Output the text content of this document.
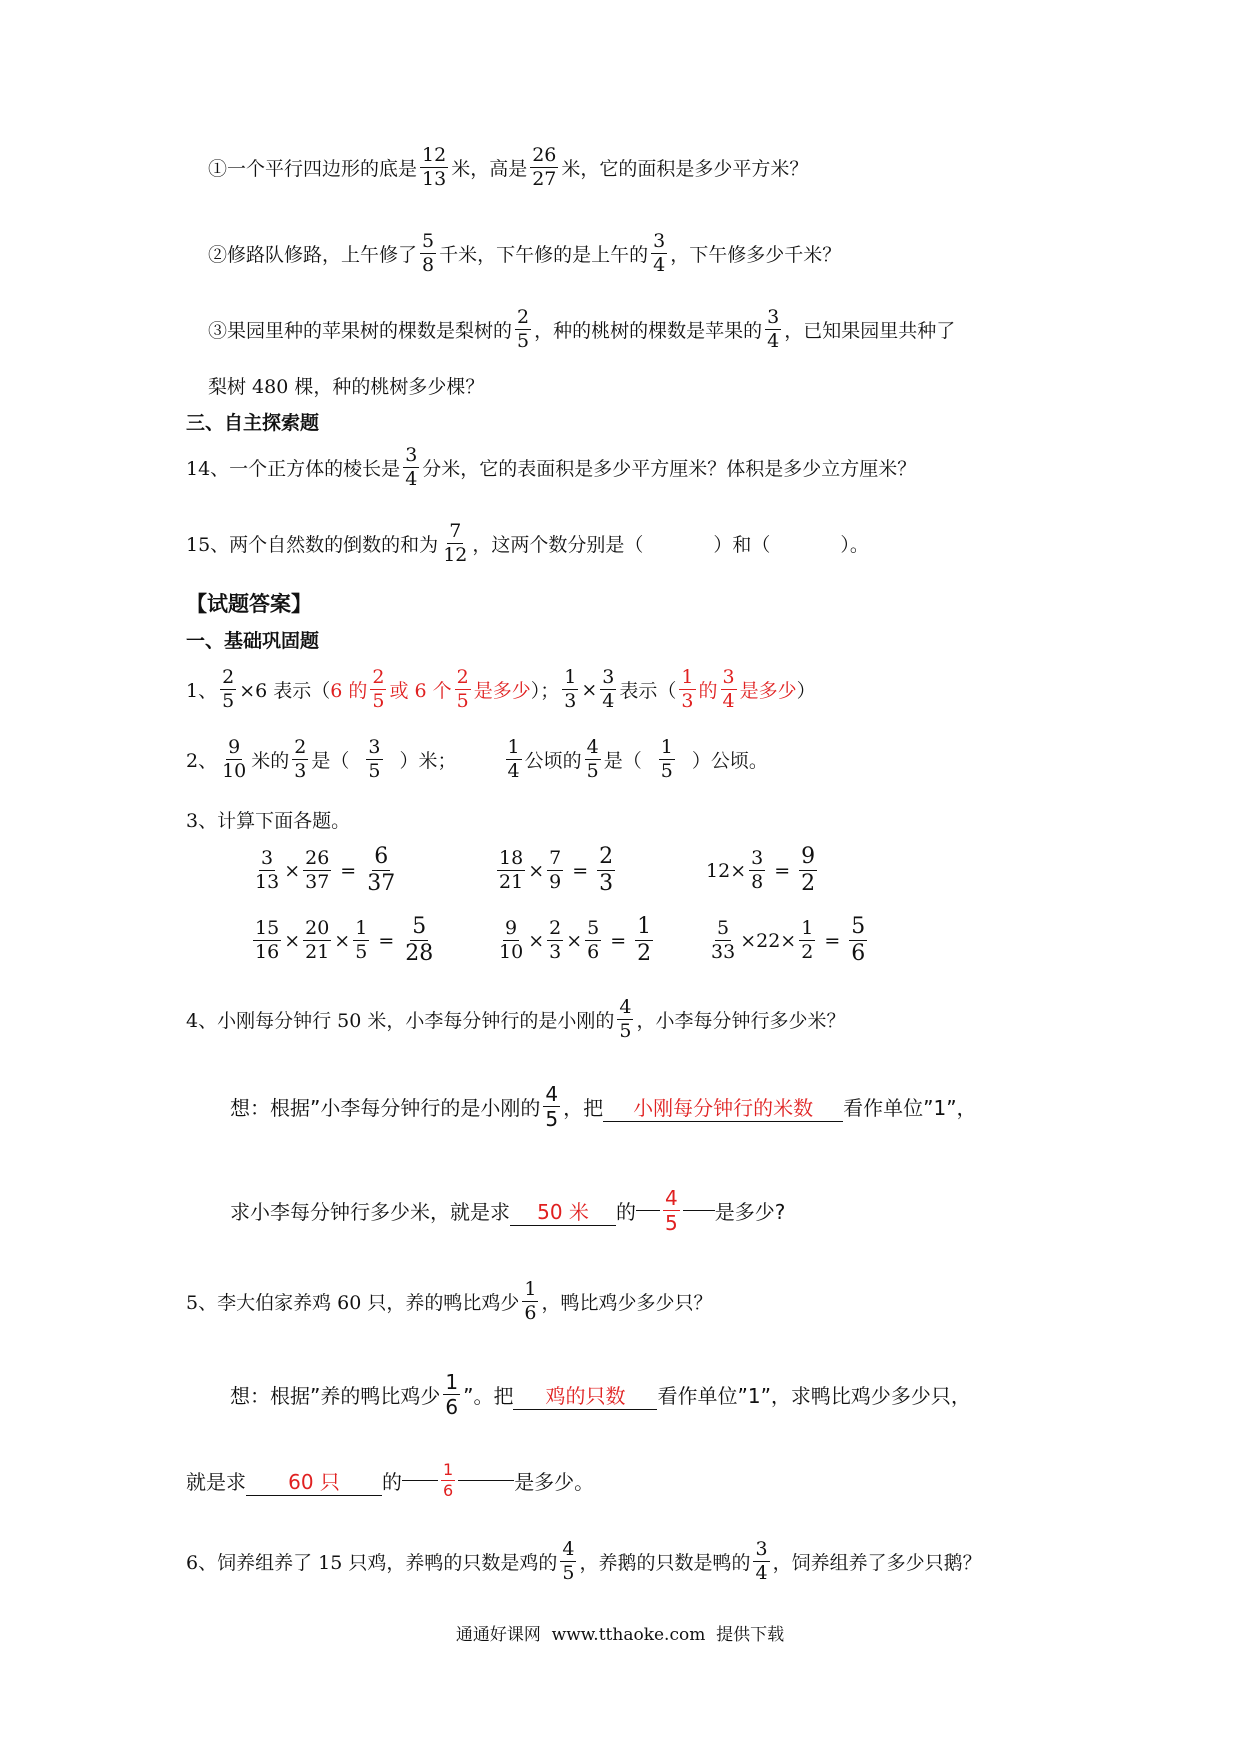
①一个平行四边形的底是 $\frac{12}{13}$ 米，高是 $\frac{26}{27}$ 米，它的面积是多少平方米？
②修路队修路，上午修了 $\frac{5}{8}$ 千米，下午修的是上午的 $\frac{3}{4}$ ，下午修多少千米？
③果园里种的苹果树的棵数是梨树的 $\frac{2}{5}$ ，种的桃树的棵数是苹果的 $\frac{3}{4}$ ，已知果园里共种了
梨树 480 棵，种的桃树多少棵？
三、自主探索题
14、一个正方体的棱长是 $\frac{3}{4}$ 分米，它的表面积是多少平方厘米？体积是多少立方厘米？
15、两个自然数的倒数的和为 $\frac{7}{12}$ ，这两个数分别是（	）和（	）。
【试题答案】
一、基础巩固题
1、 $\frac{2}{5} \times 6$ 表示（ 6 的 $\frac{2}{5}$ 或 6 个 $\frac{2}{5}$ 是多少 ）； $\frac{1}{3} \times \frac{3}{4}$ 表示（ $\frac{1}{3}$ 的 $\frac{3}{4}$ 是多少 ）
2、 $\frac{9}{10}$ 米的 $\frac{2}{3}$ 是（ $\frac{3}{5}$ ）米；	$\frac{1}{4}$ 公顷的 $\frac{4}{5}$ 是（ $\frac{1}{5}$ ）公顷。
3、计算下面各题。
$\frac{3}{13} \times \frac{26}{37} = \frac{6}{37}$	$\frac{18}{21} \times \frac{7}{9} = \frac{2}{3}$	$12 \times \frac{3}{8} = \frac{9}{2}$
$\frac{15}{16} \times \frac{20}{21} \times \frac{1}{5} = \frac{5}{28}$	$\frac{9}{10} \times \frac{2}{3} \times \frac{5}{6} = \frac{1}{2}$	$\frac{5}{33} \times 22 \times \frac{1}{2} = \frac{5}{6}$
4、小刚每分钟行 50 米，小李每分钟行的是小刚的 $\frac{4}{5}$ ，小李每分钟行多少米？
想：根据”小李每分钟行的是小刚的 $\frac{4}{5}$ ，把	小刚每分钟行的米数	看作单位”1”，
求小李每分钟行多少米，就是求	50 米	的 $\frac{4}{5}$ 是多少?
5、李大伯家养鸡 60 只，养的鸭比鸡少 $\frac{1}{6}$ ，鸭比鸡少多少只？
想：根据”养的鸭比鸡少 $\frac{1}{6}$ ”。把	鸡的只数	看作单位”1”，求鸭比鸡少多少只，
就是求	60 只	的 $\frac{1}{6}$	是多少。
6、饲养组养了 15 只鸡，养鸭的只数是鸡的 $\frac{4}{5}$ ，养鹅的只数是鸭的 $\frac{3}{4}$ ，饲养组养了多少只鹅？
通通好课网  www.tthaoke.com  提供下载
